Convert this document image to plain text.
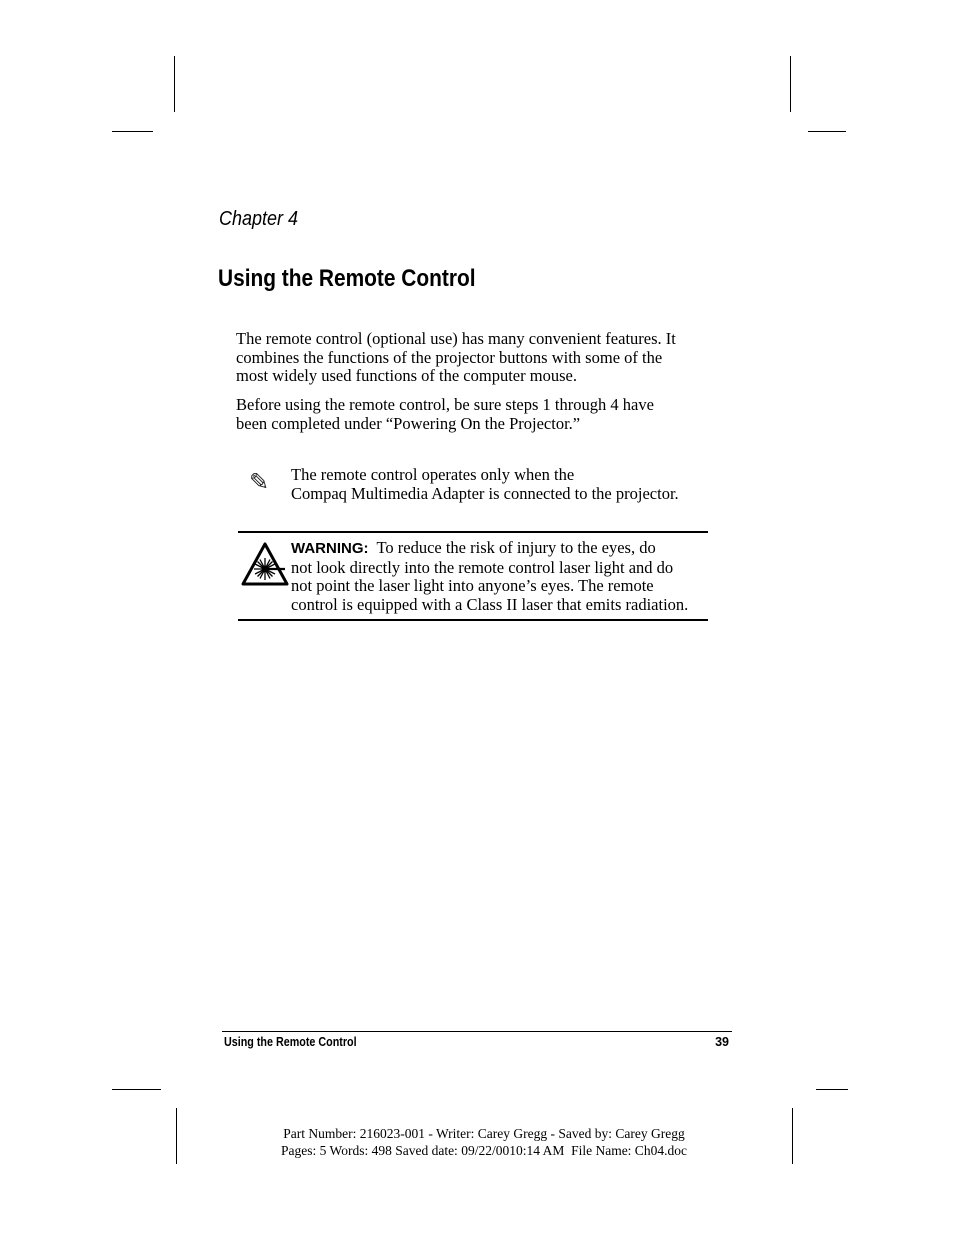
Chapter 4
Using the Remote Control
The remote control (optional use) has many convenient features. It
combines the functions of the projector buttons with some of the
most widely used functions of the computer mouse.
Before using the remote control, be sure steps 1 through 4 have
been completed under “Powering On the Projector.”
✎ The remote control operates only when the
Compaq Multimedia Adapter is connected to the projector.
WARNING: To reduce the risk of injury to the eyes, do
not look directly into the remote control laser light and do
not point the laser light into anyone’s eyes. The remote
control is equipped with a Class II laser that emits radiation.
Using the Remote Control	39
Part Number: 216023-001 - Writer: Carey Gregg - Saved by: Carey Gregg
Pages: 5 Words: 498 Saved date: 09/22/0010:14 AM  File Name: Ch04.doc
